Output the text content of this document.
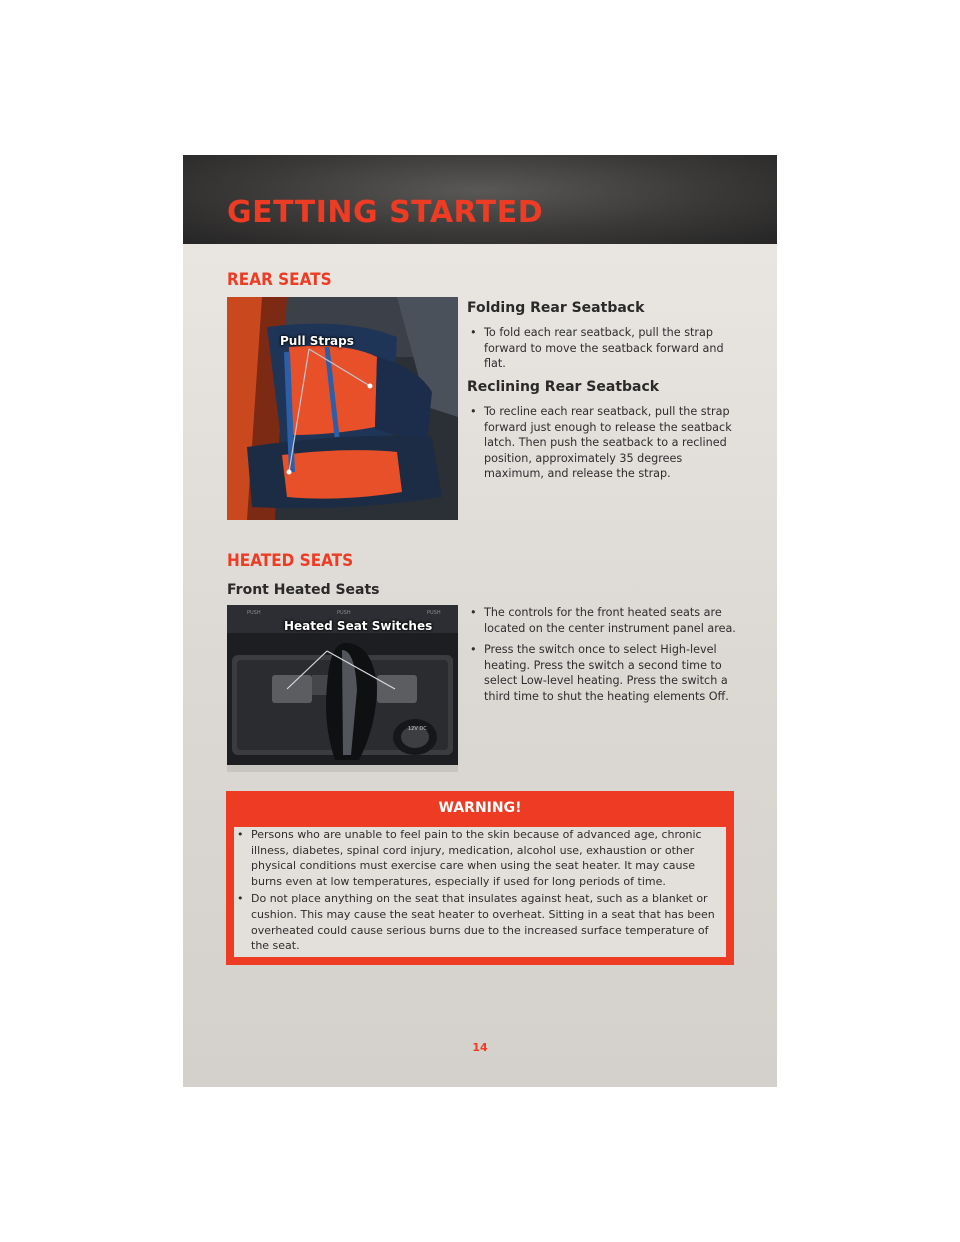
GETTING STARTED
REAR SEATS
Pull Straps
Folding Rear Seatback
• To fold each rear seatback, pull the strap forward to move the seatback forward and flat.
Reclining Rear Seatback
• To recline each rear seatback, pull the strap forward just enough to release the seatback latch. Then push the seatback to a reclined position, approximately 35 degrees maximum, and release the strap.
HEATED SEATS
Front Heated Seats
PUSH	PUSH	PUSH
12V DC
Heated Seat Switches
• The controls for the front heated seats are located on the center instrument panel area.
• Press the switch once to select High-level heating. Press the switch a second time to select Low-level heating. Press the switch a third time to shut the heating elements Off.
WARNING!
• Persons who are unable to feel pain to the skin because of advanced age, chronic illness, diabetes, spinal cord injury, medication, alcohol use, exhaustion or other physical conditions must exercise care when using the seat heater. It may cause burns even at low temperatures, especially if used for long periods of time.
• Do not place anything on the seat that insulates against heat, such as a blanket or cushion. This may cause the seat heater to overheat. Sitting in a seat that has been overheated could cause serious burns due to the increased surface temperature of the seat.
14
